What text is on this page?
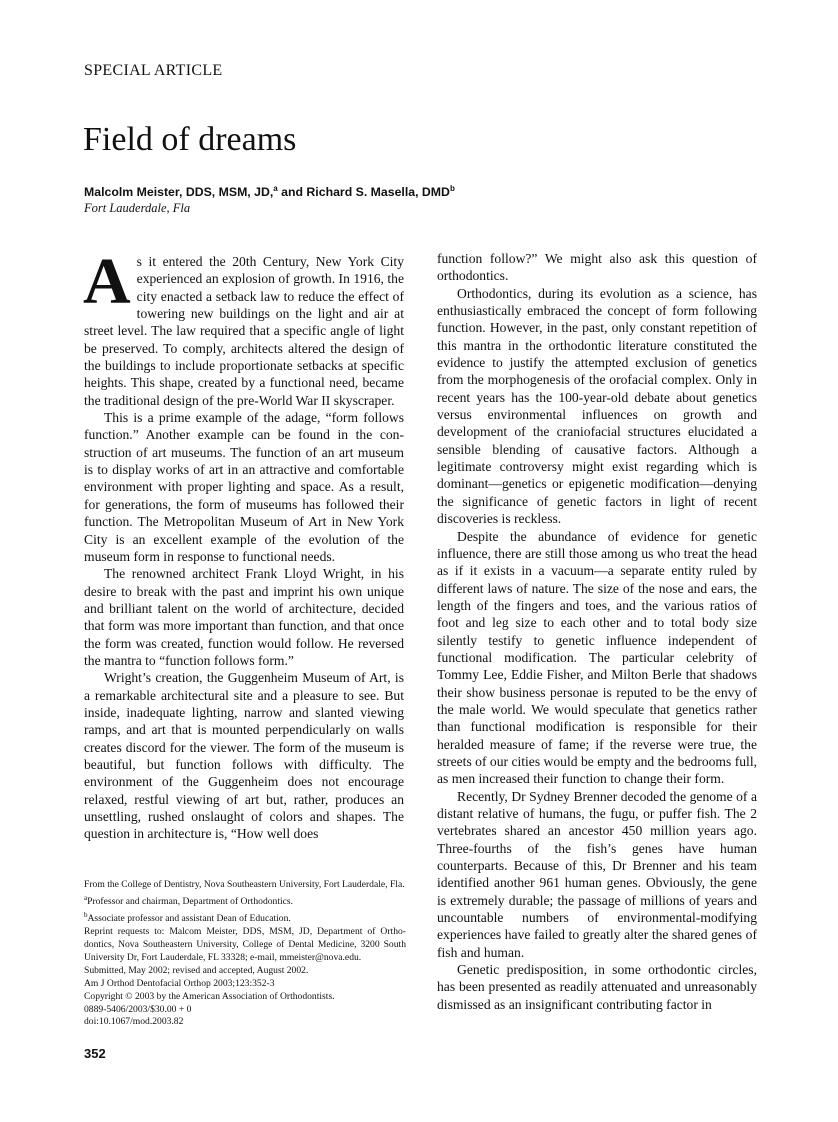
SPECIAL ARTICLE
Field of dreams
Malcolm Meister, DDS, MSM, JD,$^a$ and Richard S. Masella, DMD$^b$
Fort Lauderdale, Fla

As it entered the 20th Century, New York City experienced an explosion of growth. In 1916, the city enacted a setback law to reduce the effect of towering new buildings on the light and air at street level. The law required that a specific angle of light be preserved. To comply, architects altered the design of the buildings to include proportionate setbacks at specific heights. This shape, created by a functional need, became the traditional design of the pre-World War II skyscraper.

This is a prime example of the adage, “form follows function.” Another example can be found in the construction of art museums. The function of an art museum is to display works of art in an attractive and comfortable environment with proper lighting and space. As a result, for generations, the form of museums has followed their function. The Metropolitan Museum of Art in New York City is an excellent example of the evolution of the museum form in response to functional needs.

The renowned architect Frank Lloyd Wright, in his desire to break with the past and imprint his own unique and brilliant talent on the world of architecture, decided that form was more important than function, and that once the form was created, function would follow. He reversed the mantra to “function follows form.”

Wright’s creation, the Guggenheim Museum of Art, is a remarkable architectural site and a pleasure to see. But inside, inadequate lighting, narrow and slanted viewing ramps, and art that is mounted perpendicularly on walls creates discord for the viewer. The form of the museum is beautiful, but function follows with difficulty. The environment of the Guggenheim does not encourage relaxed, restful viewing of art but, rather, produces an unsettling, rushed onslaught of colors and shapes. The question in architecture is, “How well does

function follow?” We might also ask this question of orthodontics.

Orthodontics, during its evolution as a science, has enthusiastically embraced the concept of form following function. However, in the past, only constant repetition of this mantra in the orthodontic literature constituted the evidence to justify the attempted exclusion of genetics from the morphogenesis of the orofacial complex. Only in recent years has the 100-year-old debate about genetics versus environmental influences on growth and development of the craniofacial structures elucidated a sensible blending of causative factors. Although a legitimate controversy might exist regarding which is dominant—genetics or epigenetic modification—denying the significance of genetic factors in light of recent discoveries is reckless.

Despite the abundance of evidence for genetic influence, there are still those among us who treat the head as if it exists in a vacuum—a separate entity ruled by different laws of nature. The size of the nose and ears, the length of the fingers and toes, and the various ratios of foot and leg size to each other and to total body size silently testify to genetic influence independent of functional modification. The particular celebrity of Tommy Lee, Eddie Fisher, and Milton Berle that shadows their show business personae is reputed to be the envy of the male world. We would speculate that genetics rather than functional modification is responsible for their heralded measure of fame; if the reverse were true, the streets of our cities would be empty and the bedrooms full, as men increased their function to change their form.

Recently, Dr Sydney Brenner decoded the genome of a distant relative of humans, the fugu, or puffer fish. The 2 vertebrates shared an ancestor 450 million years ago. Three-fourths of the fish’s genes have human counterparts. Because of this, Dr Brenner and his team identified another 961 human genes. Obviously, the gene is extremely durable; the passage of millions of years and uncountable numbers of environmental-modifying experiences have failed to greatly alter the shared genes of fish and human.

Genetic predisposition, in some orthodontic circles, has been presented as readily attenuated and unreasonably dismissed as an insignificant contributing factor in

From the College of Dentistry, Nova Southeastern University, Fort Lauderdale, Fla.
$^a$Professor and chairman, Department of Orthodontics.
$^b$Associate professor and assistant Dean of Education.
Reprint requests to: Malcom Meister, DDS, MSM, JD, Department of Orthodontics, Nova Southeastern University, College of Dental Medicine, 3200 South University Dr, Fort Lauderdale, FL 33328; e-mail, mmeister@nova.edu.
Submitted, May 2002; revised and accepted, August 2002.
Am J Orthod Dentofacial Orthop 2003;123:352-3
Copyright © 2003 by the American Association of Orthodontists.
0889-5406/2003/$30.00 + 0
doi:10.1067/mod.2003.82
352
